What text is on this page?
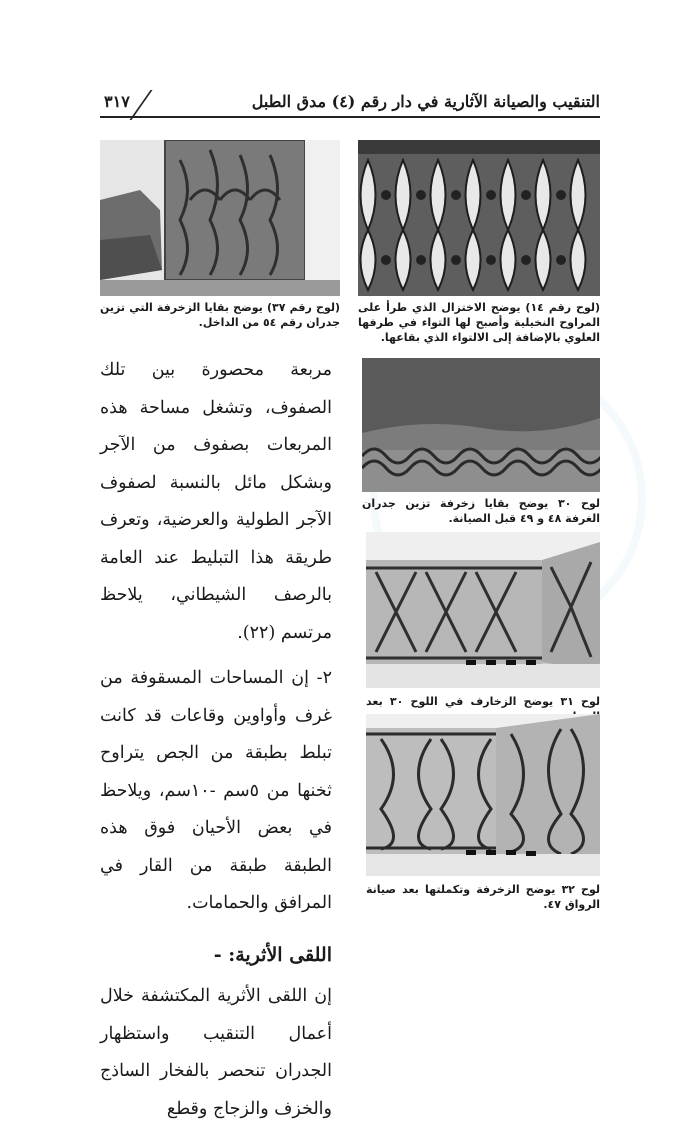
التنقيب والصيانة الآثارية في دار رقم (٤) مدق الطبل
٣١٧
(لوح رقم ٣٧) يوضح بقايا الزخرفة التي تزين جدران رقم ٥٤ من الداخل.
(لوح رقم ١٤) يوضح الاختزال الذي طرأ على المراوح النخيلية وأصبح لها التواء في طرفها العلوي بالإضافة إلى الالتواء الذي بقاعها.
لوح ٣٠ يوضح بقايا زخرفة تزين جدران الغرفة ٤٨ و ٤٩ قبل الصيانة.
لوح ٣١ يوضح الزخارف في اللوح ٣٠ بعد
لوح ٣٢ يوضح الزخرفة وتكملتها بعد صيانة الرواق ٤٧.

مربعة محصورة بين تلك الصفوف، وتشغل مساحة هذه المربعات بصفوف من الآجر وبشكل مائل بالنسبة لصفوف الآجر الطولية والعرضية، وتعرف طريقة هذا التبليط عند العامة بالرصف الشيطاني، يلاحظ مرتسم (٢٢).

٢- إن المساحات المسقوفة من غرف وأواوين وقاعات قد كانت تبلط بطبقة من الجص يتراوح ثخنها من ٥سم -١٠سم، ويلاحظ في بعض الأحيان فوق هذه الطبقة طبقة من القار في المرافق والحمامات.

اللقى الأثرية: -

إن اللقى الأثرية المكتشفة خلال أعمال التنقيب واستظهار الجدران تنحصر بالفخار الساذج والخزف والزجاج وقطع
